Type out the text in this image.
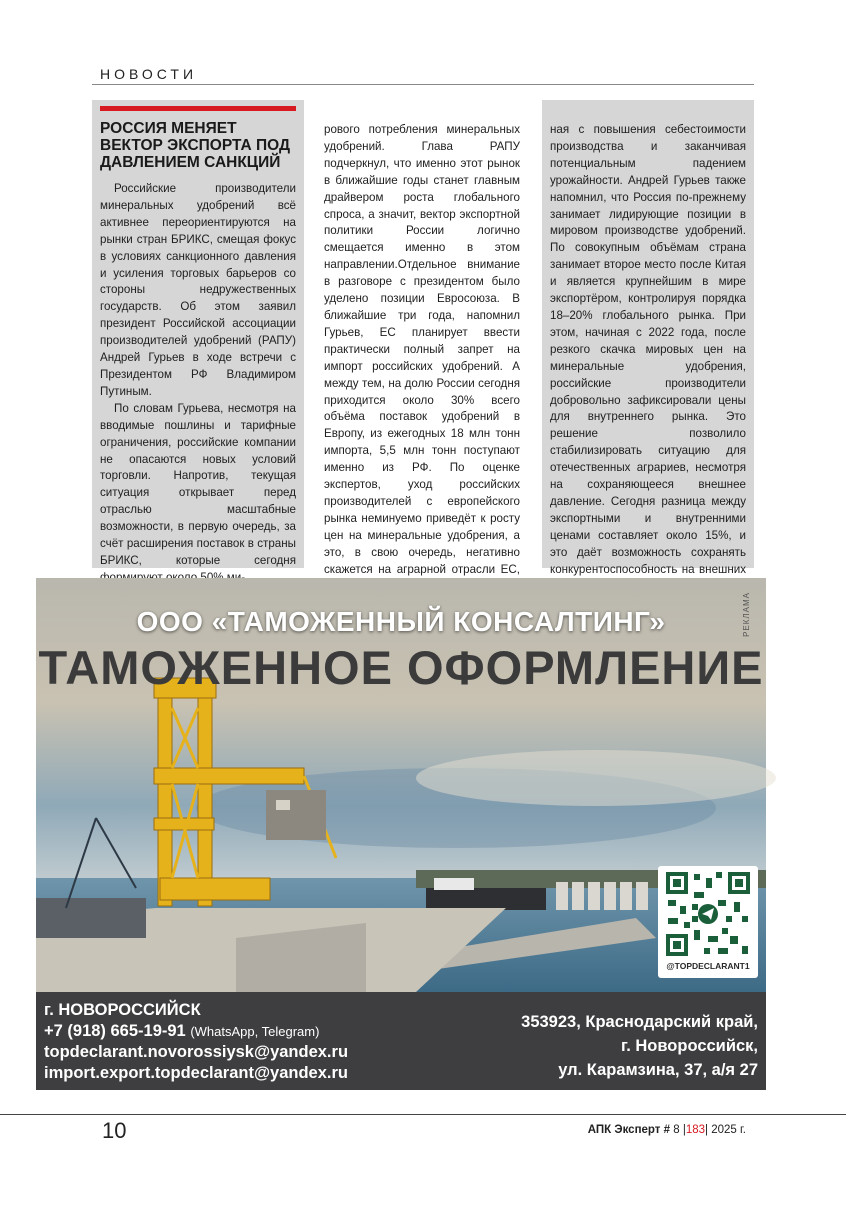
НОВОСТИ
РОССИЯ МЕНЯЕТ ВЕКТОР ЭКСПОРТА ПОД ДАВЛЕНИЕМ САНКЦИЙ

Российские производители минеральных удобрений всё активнее переориентируются на рынки стран БРИКС, смещая фокус в условиях санкционного давления и усиления торговых барьеров со стороны недружественных государств. Об этом заявил президент Российской ассоциации производителей удобрений (РАПУ) Андрей Гурьев в ходе встречи с Президентом РФ Владимиром Путиным.

По словам Гурьева, несмотря на вводимые пошлины и тарифные ограничения, российские компании не опасаются новых условий торговли. Напротив, текущая ситуация открывает перед отраслью масштабные возможности, в первую очередь, за счёт расширения поставок в страны БРИКС, которые сегодня

рового потребления минеральных удобрений. Глава РАПУ подчеркнул, что именно этот рынок в ближайшие годы станет главным драйвером роста глобального спроса, а значит, вектор экспортной политики России логично смещается именно в этом направлении.Отдельное внимание в разговоре с президентом было уделено позиции Евросоюза. В ближайшие три года, напомнил Гурьев, ЕС планирует ввести практически полный запрет на импорт российских удобрений. А между тем, на долю России сегодня приходится около 30% всего объёма поставок удобрений в Европу, из ежегодных 18 млн тонн импорта, 5,5 млн тонн поступают именно из РФ. По оценке экспертов, уход российских производителей с европейского рынка неминуемо приведёт к росту цен на минеральные удобрения, а это, в свою очередь, негативно скажется на аграрной отрасли ЕС,

ная с повышения себестоимости производства и заканчивая потенциальным падением урожайности. Андрей Гурьев также напомнил, что Россия по-прежнему занимает лидирующие позиции в мировом производстве удобрений. По совокупным объёмам страна занимает второе место после Китая и является крупнейшим в мире экспортёром, контролируя порядка 18–20% глобального рынка. При этом, начиная с 2022 года, после резкого скачка мировых цен на минеральные удобрения, российские производители добровольно зафиксировали цены для внутреннего рынка. Это решение позволило стабилизировать ситуацию для отечественных аграриев, несмотря на сохраняющееся внешнее давление. Сегодня разница между экспортными и внутренними ценами составляет около 15%, и это даёт возможность сохранять конкурентоспособность на внешних

ООО «ТАМОЖЕННЫЙ КОНСАЛТИНГ»
ТАМОЖЕННОЕ ОФОРМЛЕНИЕ
РЕКЛАМА
@TOPDECLARANT1
г. НОВОРОССИЙСК
+7 (918) 665-19-91 (WhatsApp, Telegram)
topdeclarant.novorossiysk@yandex.ru
import.export.topdeclarant@yandex.ru
353923, Краснодарский край,
г. Новороссийск,
ул. Карамзина, 37, а/я 27
10	АПК Эксперт # 8 |183| 2025 г.
